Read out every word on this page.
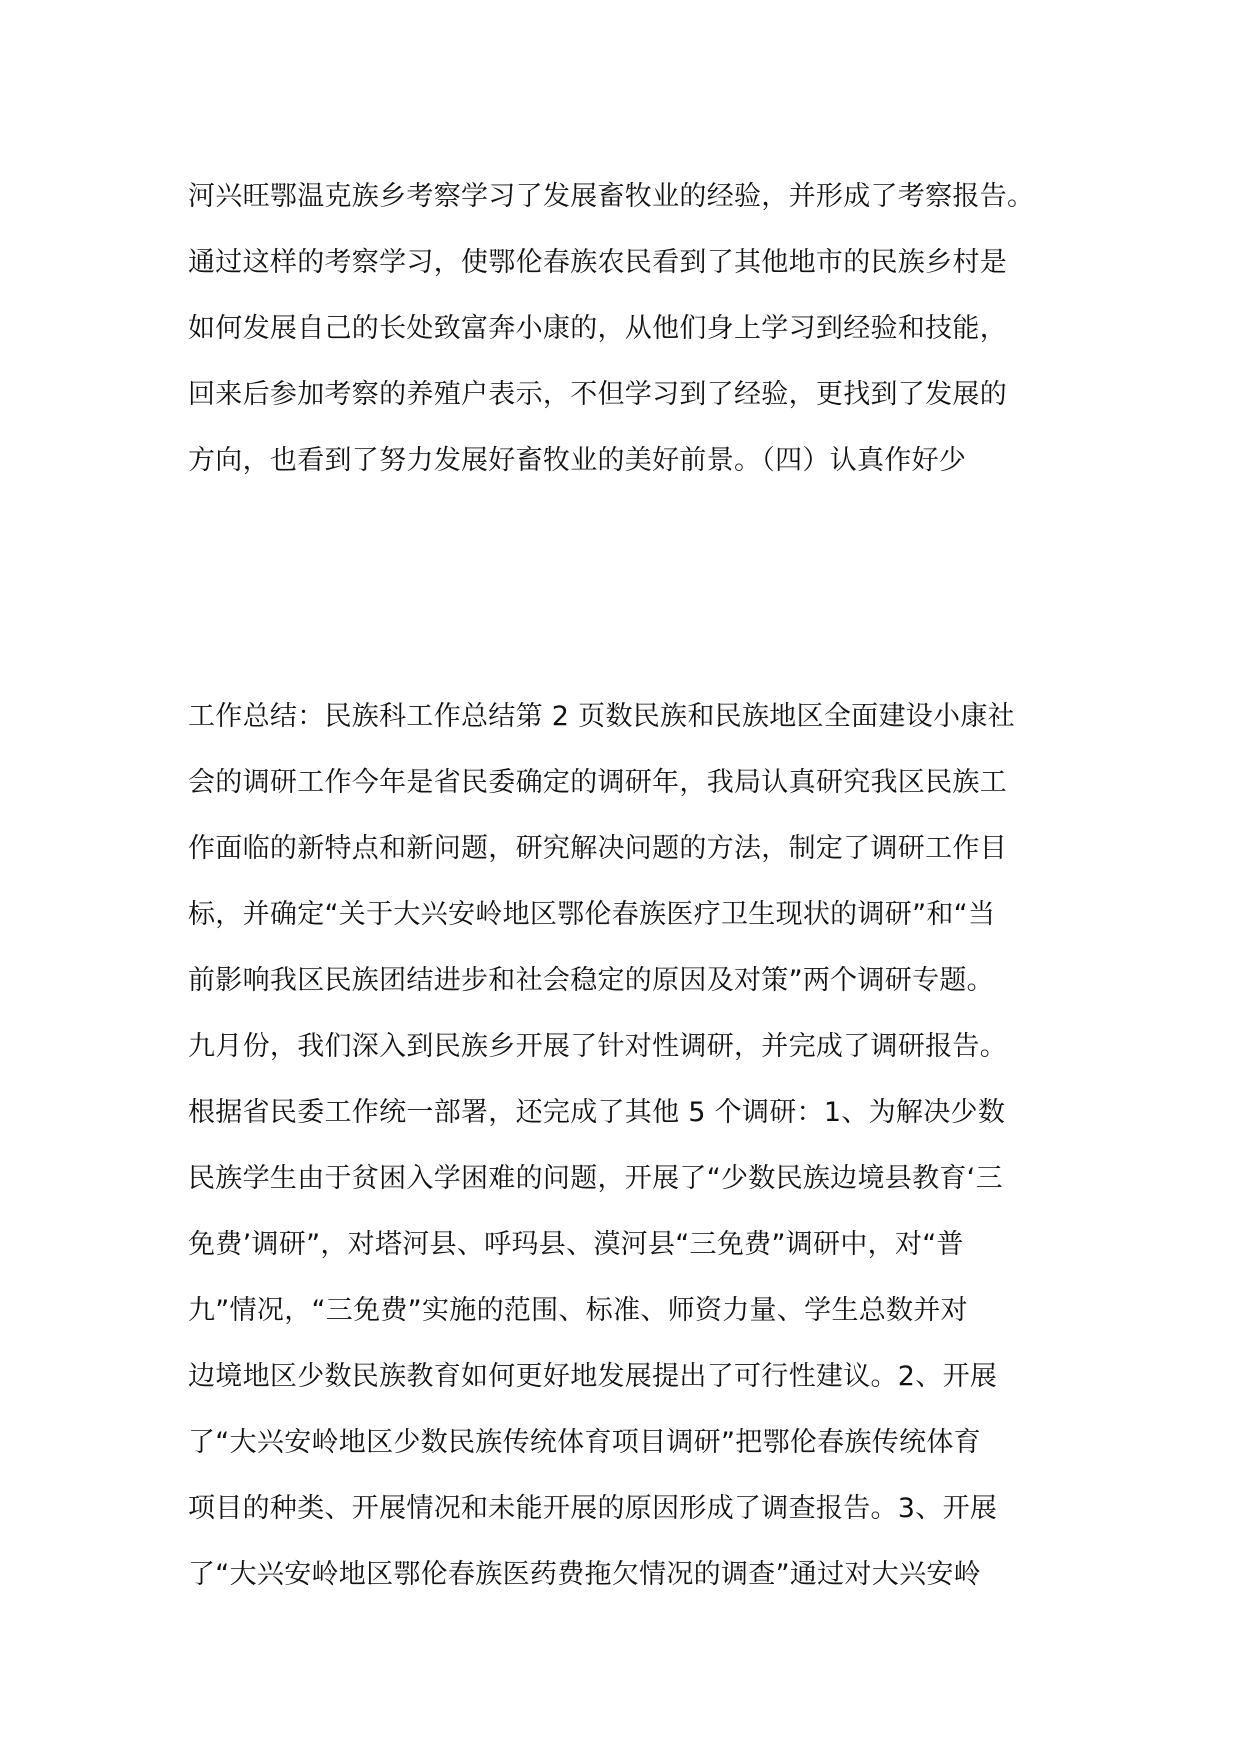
河兴旺鄂温克族乡考察学习了发展畜牧业的经验，并形成了考察报告。
通过这样的考察学习，使鄂伦春族农民看到了其他地市的民族乡村是
如何发展自己的长处致富奔小康的，从他们身上学习到经验和技能，
回来后参加考察的养殖户表示，不但学习到了经验，更找到了发展的
方向，也看到了努力发展好畜牧业的美好前景。（四）认真作好少
工作总结：民族科工作总结第 2 页数民族和民族地区全面建设小康社
会的调研工作今年是省民委确定的调研年，我局认真研究我区民族工
作面临的新特点和新问题，研究解决问题的方法，制定了调研工作目
标，并确定“关于大兴安岭地区鄂伦春族医疗卫生现状的调研”和“当
前影响我区民族团结进步和社会稳定的原因及对策”两个调研专题。
九月份，我们深入到民族乡开展了针对性调研，并完成了调研报告。
根据省民委工作统一部署，还完成了其他 5 个调研：1、为解决少数
民族学生由于贫困入学困难的问题，开展了“少数民族边境县教育‘三
免费’调研”，对塔河县、呼玛县、漠河县“三免费”调研中，对“普
九”情况，“三免费”实施的范围、标准、师资力量、学生总数并对
边境地区少数民族教育如何更好地发展提出了可行性建议。2、开展
了“大兴安岭地区少数民族传统体育项目调研”把鄂伦春族传统体育
项目的种类、开展情况和未能开展的原因形成了调查报告。3、开展
了“大兴安岭地区鄂伦春族医药费拖欠情况的调查”通过对大兴安岭
